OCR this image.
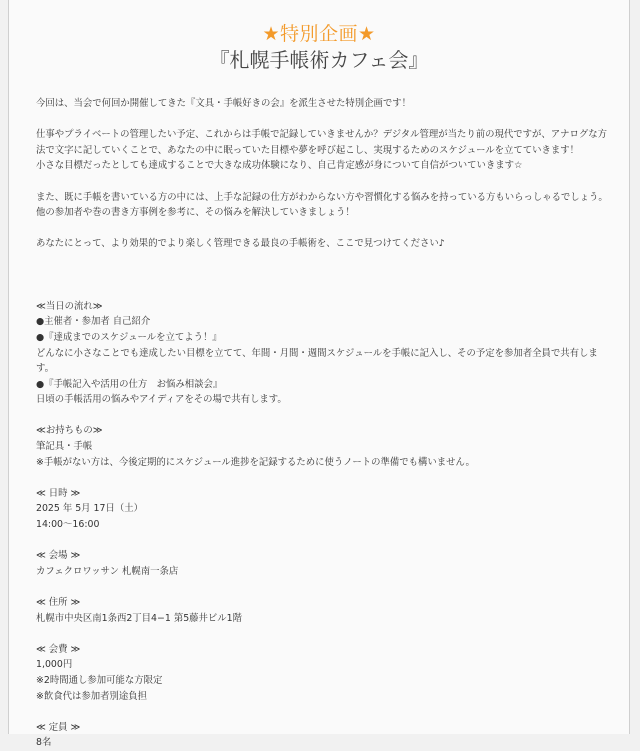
★特別企画★
『札幌手帳術カフェ会』
今回は、当会で何回か開催してきた『文具・手帳好きの会』を派生させた特別企画です！
仕事やプライベートの管理したい予定、これからは手帳で記録していきませんか？デジタル管理が当たり前の現代ですが、アナログな方
法で文字に記していくことで、あなたの中に眠っていた目標や夢を呼び起こし、実現するためのスケジュールを立てていきます！
小さな目標だったとしても達成することで大きな成功体験になり、自己肯定感が身について自信がついていきます☆
また、既に手帳を書いている方の中には、上手な記録の仕方がわからない方や習慣化する悩みを持っている方もいらっしゃるでしょう。
他の参加者や巻の書き方事例を参考に、その悩みを解決していきましょう！
あなたにとって、より効果的でより楽しく管理できる最良の手帳術を、ここで見つけてください♪
≪当日の流れ≫
●主催者・参加者 自己紹介
●『達成までのスケジュールを立てよう！』
どんなに小さなことでも達成したい目標を立てて、年間・月間・週間スケジュールを手帳に記入し、その予定を参加者全員で共有しま
す。
●『手帳記入や活用の仕方　お悩み相談会』
日頃の手帳活用の悩みやアイディアをその場で共有します。
≪お持ちもの≫
筆記具・手帳
※手帳がない方は、今後定期的にスケジュール進捗を記録するために使うノートの準備でも構いません。
≪ 日時 ≫
2025 年 5月 17日（土）
14:00〜16:00
≪ 会場 ≫
カフェクロワッサン 札幌南一条店
≪ 住所 ≫
札幌市中央区南1条西2丁目4−1 第5藤井ビル1階
≪ 会費 ≫
1,000円
※2時間通し参加可能な方限定
※飲食代は参加者別途負担
≪ 定員 ≫
8名
